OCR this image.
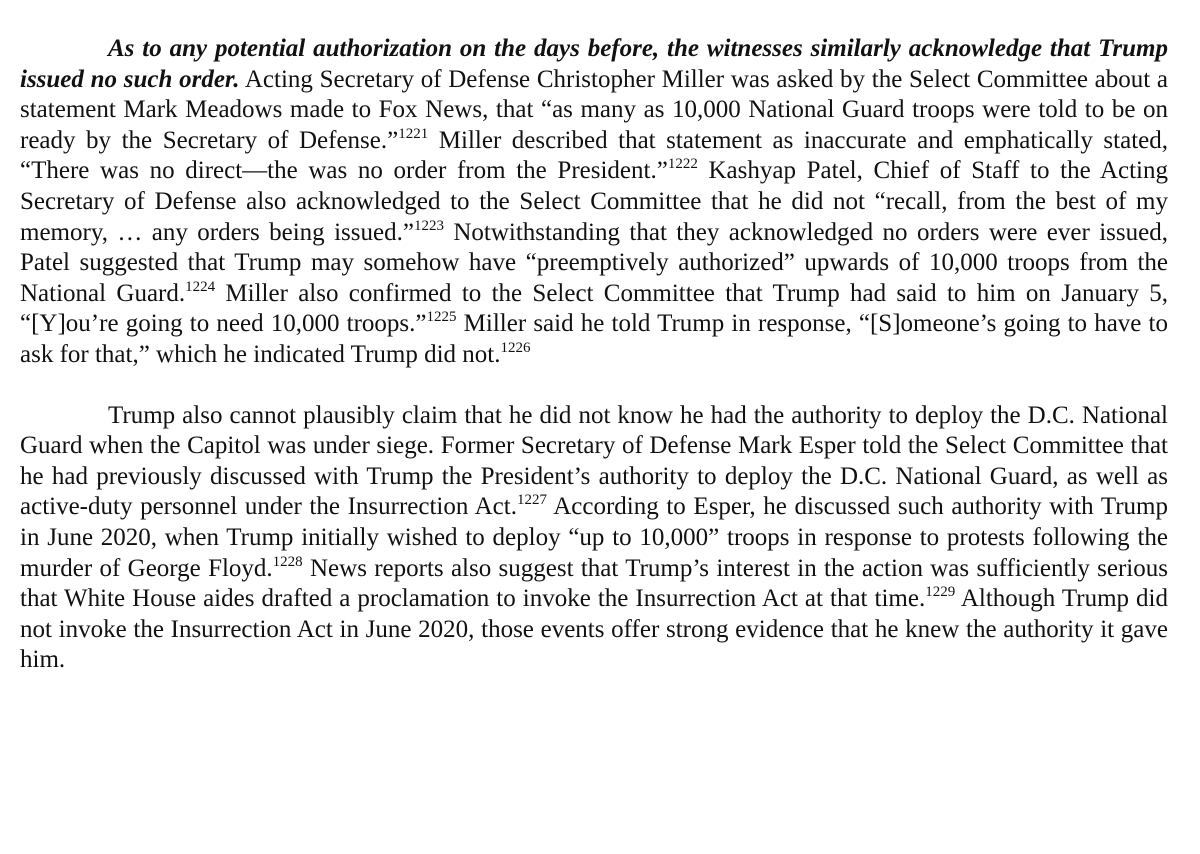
As to any potential authorization on the days before, the witnesses similarly acknowledge that Trump issued no such order. Acting Secretary of Defense Christopher Miller was asked by the Select Committee about a statement Mark Meadows made to Fox News, that “as many as 10,000 National Guard troops were told to be on ready by the Secretary of Defense.”$^{1221}$ Miller described that statement as inaccurate and emphatically stated, “There was no direct—the was no order from the President.”$^{1222}$ Kashyap Patel, Chief of Staff to the Acting Secretary of Defense also acknowledged to the Select Committee that he did not “recall, from the best of my memory, … any orders being issued.”$^{1223}$ Notwithstanding that they acknowledged no orders were ever issued, Patel suggested that Trump may somehow have “preemptively authorized” upwards of 10,000 troops from the National Guard.$^{1224}$ Miller also confirmed to the Select Committee that Trump had said to him on January 5, “[Y]ou’re going to need 10,000 troops.”$^{1225}$ Miller said he told Trump in response, “[S]omeone’s going to have to ask for that,” which he indicated Trump did not.$^{1226}$

Trump also cannot plausibly claim that he did not know he had the authority to deploy the D.C. National Guard when the Capitol was under siege. Former Secretary of Defense Mark Esper told the Select Committee that he had previously discussed with Trump the President’s authority to deploy the D.C. National Guard, as well as active-duty personnel under the Insurrection Act.$^{1227}$ According to Esper, he discussed such authority with Trump in June 2020, when Trump initially wished to deploy “up to 10,000” troops in response to protests following the murder of George Floyd.$^{1228}$ News reports also suggest that Trump’s interest in the action was sufficiently serious that White House aides drafted a proclamation to invoke the Insurrection Act at that time.$^{1229}$ Although Trump did not invoke the Insurrection Act in June 2020, those events offer strong evidence that he knew the authority it gave him.
